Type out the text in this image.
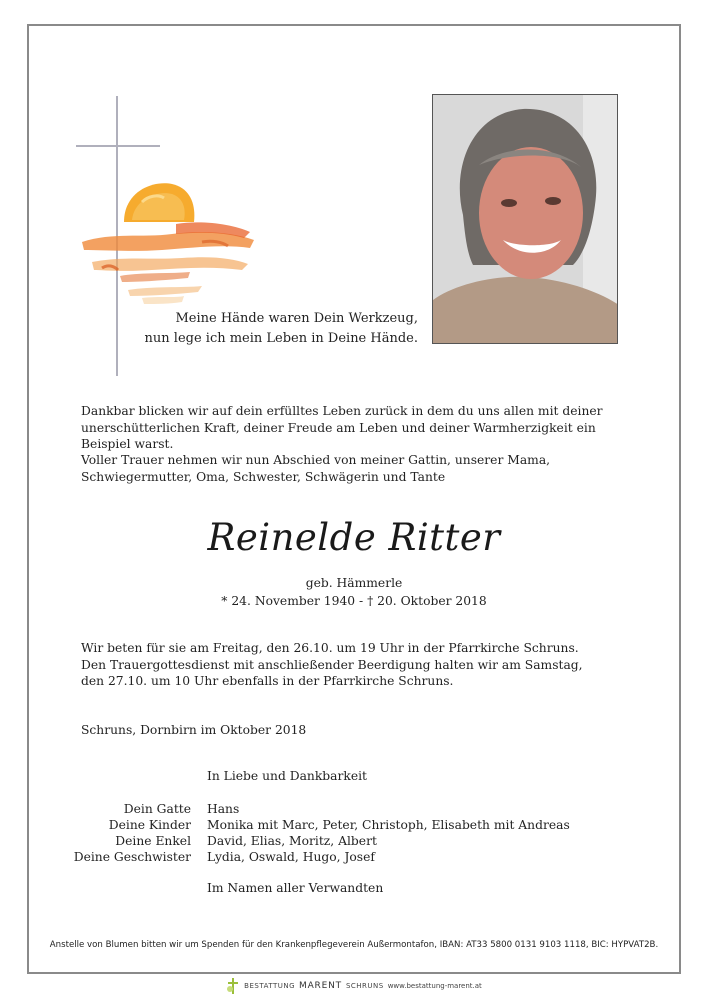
Meine Hände waren Dein Werkzeug,
nun lege ich mein Leben in Deine Hände.
Dankbar blicken wir auf dein erfülltes Leben zurück in dem du uns allen mit deiner unerschütterlichen Kraft, deiner Freude am Leben und deiner Warmherzigkeit ein Beispiel warst.
Voller Trauer nehmen wir nun Abschied von meiner Gattin, unserer Mama, Schwiegermutter, Oma, Schwester, Schwägerin und Tante
Reinelde Ritter
geb. Hämmerle
* 24. November 1940 - † 20. Oktober 2018
Wir beten für sie am Freitag, den 26.10. um 19 Uhr in der Pfarrkirche Schruns.
Den Trauergottesdienst mit anschließender Beerdigung halten wir am Samstag,
den 27.10. um 10 Uhr ebenfalls in der Pfarrkirche Schruns.
Schruns, Dornbirn im Oktober 2018
In Liebe und Dankbarkeit
Dein Gatte Hans
Deine Kinder Monika mit Marc, Peter, Christoph, Elisabeth mit Andreas
Deine Enkel David, Elias, Moritz, Albert
Deine Geschwister Lydia, Oswald, Hugo, Josef
Im Namen aller Verwandten
Anstelle von Blumen bitten wir um Spenden für den Krankenpflegeverein Außermontafon, IBAN: AT33 5800 0131 9103 1118, BIC: HYPVAT2B.
BESTATTUNG MARENT SCHRUNS www.bestattung-marent.at
